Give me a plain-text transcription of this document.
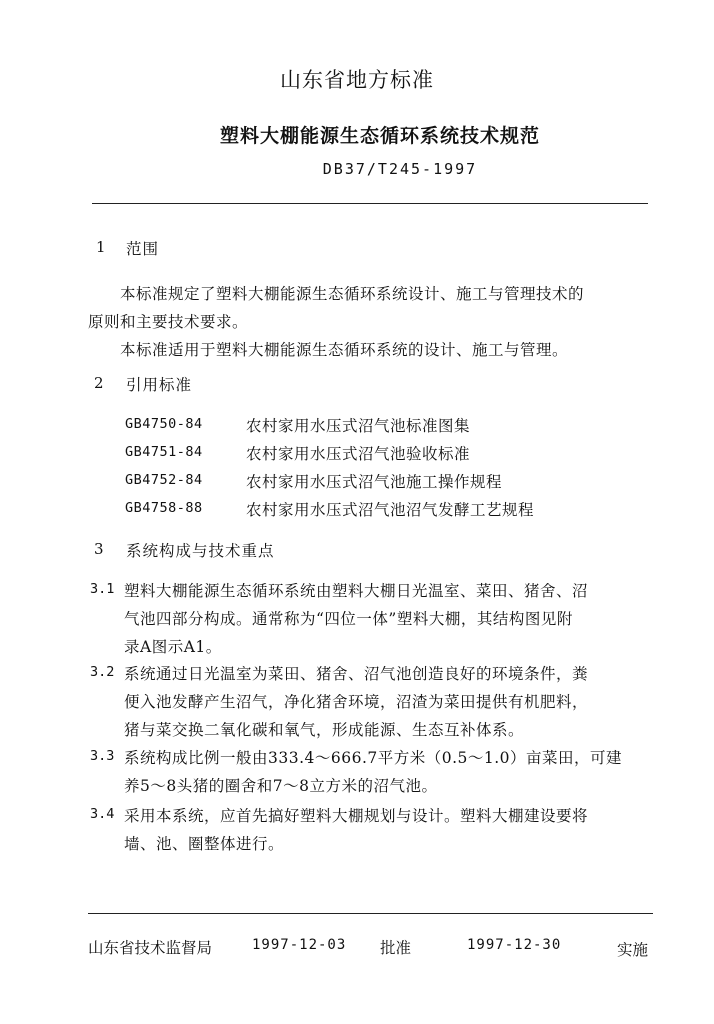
山东省地方标准
塑料大棚能源生态循环系统技术规范
DB37/T245-1997
1 范围
本标准规定了塑料大棚能源生态循环系统设计、施工与管理技术的
原则和主要技术要求。
本标准适用于塑料大棚能源生态循环系统的设计、施工与管理。
2 引用标准
GB4750-84	农村家用水压式沼气池标准图集
GB4751-84	农村家用水压式沼气池验收标准
GB4752-84	农村家用水压式沼气池施工操作规程
GB4758-88	农村家用水压式沼气池沼气发酵工艺规程
3 系统构成与技术重点
3.1 塑料大棚能源生态循环系统由塑料大棚日光温室、菜田、猪舍、沼
气池四部分构成。通常称为“四位一体”塑料大棚，其结构图见附
录A图示A1。
3.2 系统通过日光温室为菜田、猪舍、沼气池创造良好的环境条件，粪
便入池发酵产生沼气，净化猪舍环境，沼渣为菜田提供有机肥料，
猪与菜交换二氧化碳和氧气，形成能源、生态互补体系。
3.3 系统构成比例一般由333.4～666.7平方米（0.5～1.0）亩菜田，可建
养5～8头猪的圈舍和7～8立方米的沼气池。
3.4 采用本系统，应首先搞好塑料大棚规划与设计。塑料大棚建设要将
墙、池、圈整体进行。
山东省技术监督局	1997-12-03 批准	1997-12-30	实施
